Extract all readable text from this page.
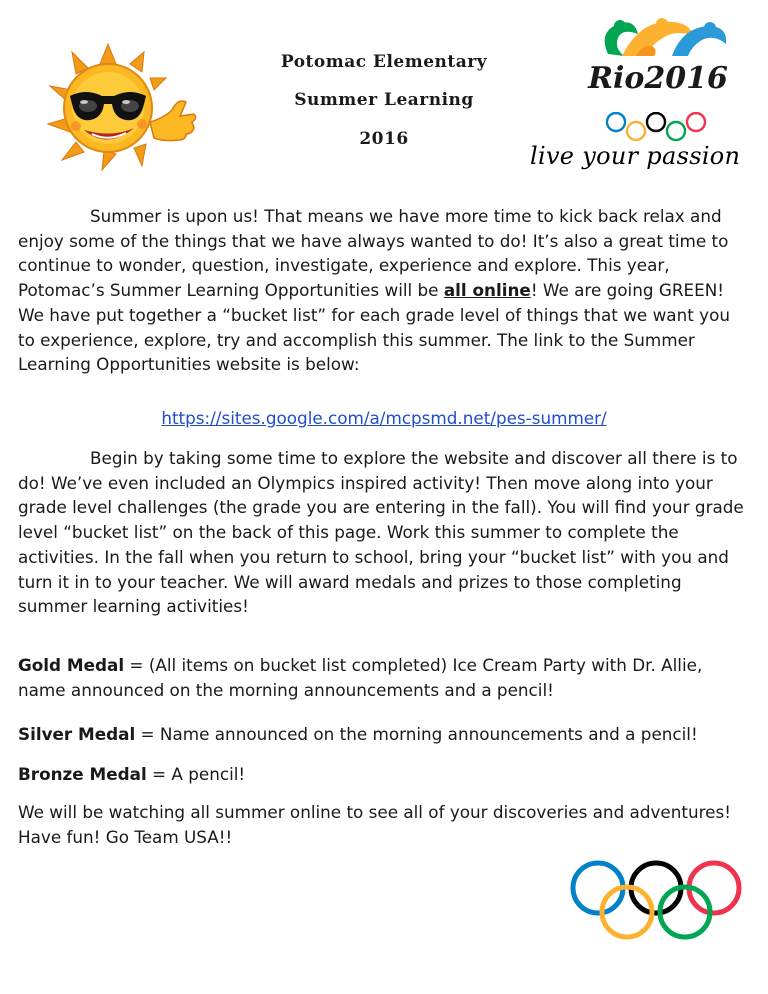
Potomac Elementary
Summer Learning
2016
Rio2016
live your passion

Summer is upon us! That means we have more time to kick back relax and enjoy some of the things that we have always wanted to do! It’s also a great time to continue to wonder, question, investigate, experience and explore. This year, Potomac’s Summer Learning Opportunities will be all online! We are going GREEN! We have put together a “bucket list” for each grade level of things that we want you to experience, explore, try and accomplish this summer. The link to the Summer Learning Opportunities website is below:

https://sites.google.com/a/mcpsmd.net/pes-summer/

Begin by taking some time to explore the website and discover all there is to do! We’ve even included an Olympics inspired activity! Then move along into your grade level challenges (the grade you are entering in the fall). You will find your grade level “bucket list” on the back of this page. Work this summer to complete the activities. In the fall when you return to school, bring your “bucket list” with you and turn it in to your teacher. We will award medals and prizes to those completing summer learning activities!

Gold Medal = (All items on bucket list completed) Ice Cream Party with Dr. Allie, name announced on the morning announcements and a pencil!

Silver Medal = Name announced on the morning announcements and a pencil!

Bronze Medal = A pencil!

We will be watching all summer online to see all of your discoveries and adventures! Have fun! Go Team USA!!
